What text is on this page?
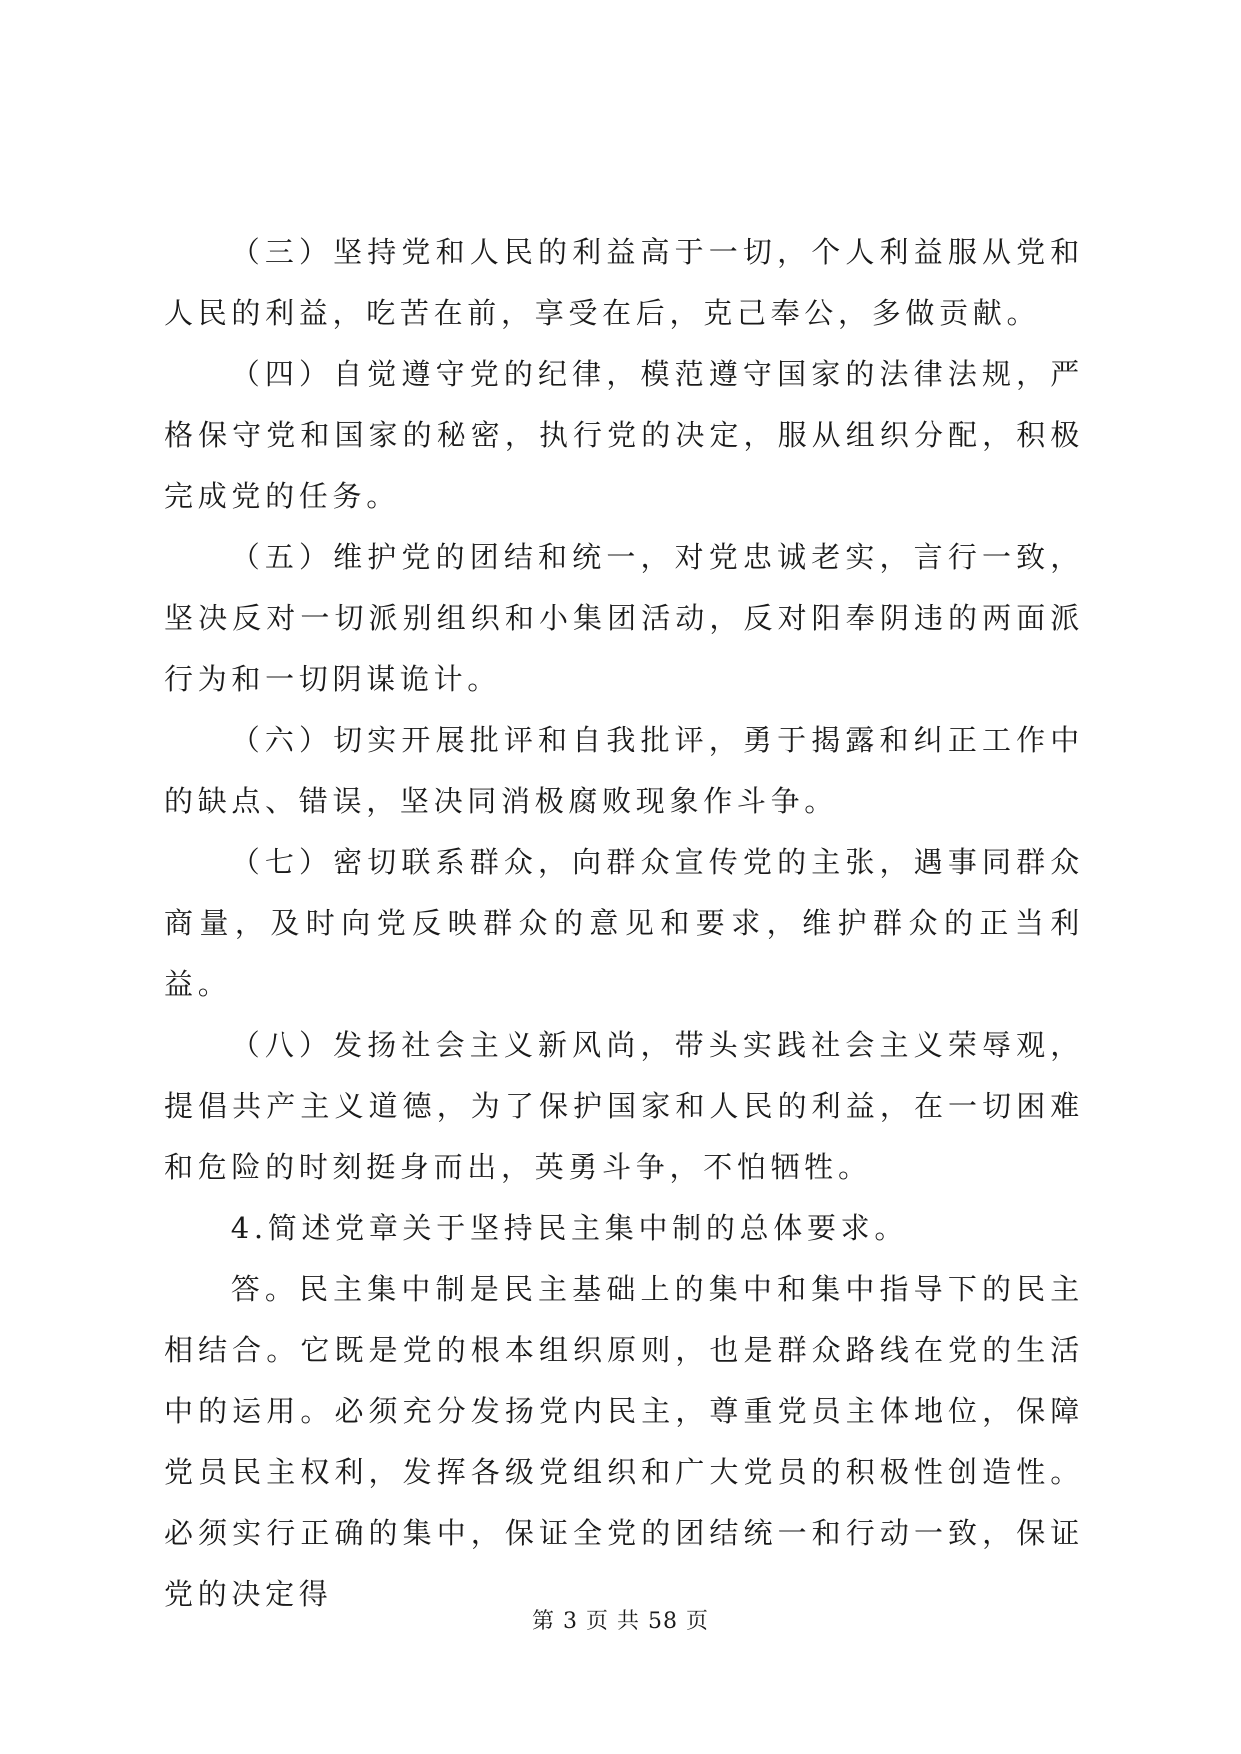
（三）坚持党和人民的利益高于一切，个人利益服从党和人民的利益，吃苦在前，享受在后，克己奉公，多做贡献。

（四）自觉遵守党的纪律，模范遵守国家的法律法规，严格保守党和国家的秘密，执行党的决定，服从组织分配，积极完成党的任务。

（五）维护党的团结和统一，对党忠诚老实，言行一致，坚决反对一切派别组织和小集团活动，反对阳奉阴违的两面派行为和一切阴谋诡计。

（六）切实开展批评和自我批评，勇于揭露和纠正工作中的缺点、错误，坚决同消极腐败现象作斗争。

（七）密切联系群众，向群众宣传党的主张，遇事同群众商量，及时向党反映群众的意见和要求，维护群众的正当利益。

（八）发扬社会主义新风尚，带头实践社会主义荣辱观，提倡共产主义道德，为了保护国家和人民的利益，在一切困难和危险的时刻挺身而出，英勇斗争，不怕牺牲。

4.简述党章关于坚持民主集中制的总体要求。

答。民主集中制是民主基础上的集中和集中指导下的民主相结合。它既是党的根本组织原则，也是群众路线在党的生活中的运用。必须充分发扬党内民主，尊重党员主体地位，保障党员民主权利，发挥各级党组织和广大党员的积极性创造性。必须实行正确的集中，保证全党的团结统一和行动一致，保证党的决定得

第 3 页 共 58 页
